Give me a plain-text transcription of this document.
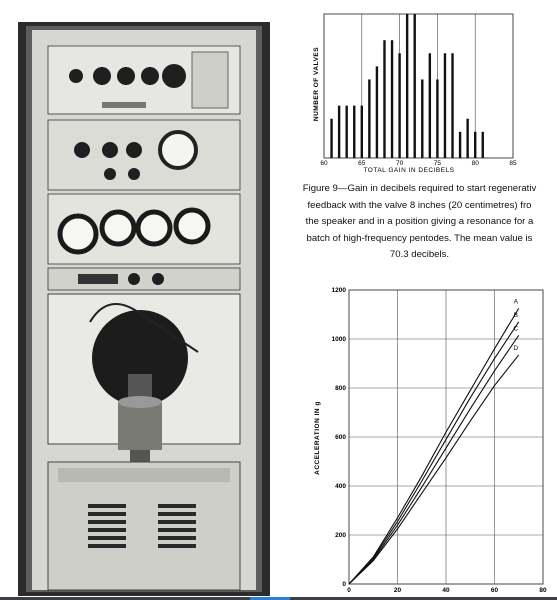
60	65	70	75	80	85
TOTAL GAIN IN DECIBELS
NUMBER OF VALVES
Figure 9—Gain in decibels required to start regenerativ
feedback with the valve 8 inches (20 centimetres) fro
the speaker and in a position giving a resonance for a
batch of high-frequency pentodes. The mean value is
70.3 decibels.
A
B
C
D
0	20	40	60	80
0
200
400
600
800
1000
1200
ACCELERATION IN g
